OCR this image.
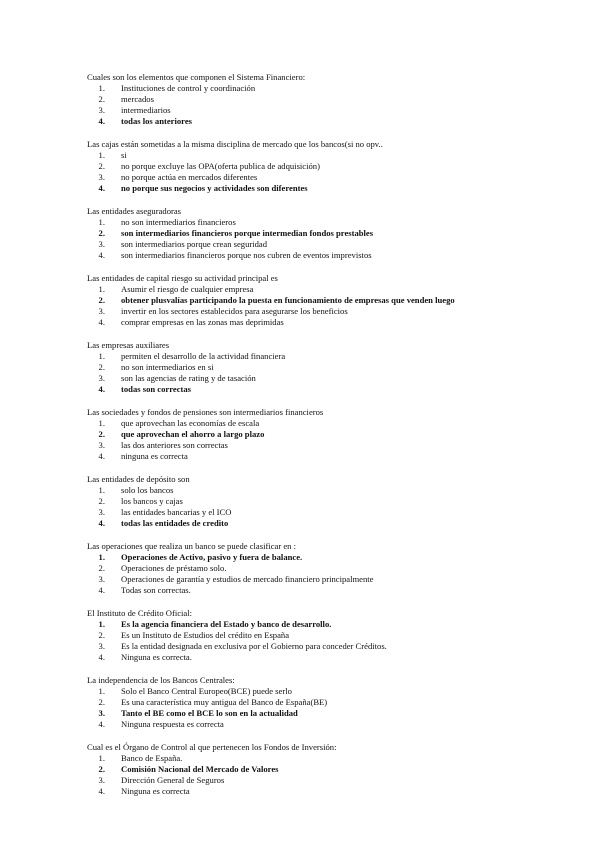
Cuales son los elementos que componen el Sistema Financiero:

1.	Instituciones de control y coordinación
2.	mercados
3.	intermediarios
4.	todas los anteriores

Las cajas están sometidas a la misma disciplina de mercado que los bancos(si no opv..

1.	si
2.	no porque excluye las OPA(oferta publica de adquisición)
3.	no porque actúa en mercados diferentes
4.	no porque sus negocios y actividades son diferentes

Las entidades aseguradoras

1.	no son intermediarios financieros
2.	son intermediarios financieros porque intermedian fondos prestables
3.	son intermediarios porque crean seguridad
4.	son intermediarios financieros porque nos cubren de eventos imprevistos

Las entidades de capital riesgo su actividad principal es

1.	Asumir el riesgo de cualquier empresa
2.	obtener plusvalías participando la puesta en funcionamiento de empresas que venden luego
3.	invertir en los sectores establecidos para asegurarse los beneficios
4.	comprar empresas en las zonas mas deprimidas

Las empresas auxiliares

1.	permiten el desarrollo de la actividad financiera
2.	no son intermediarios en si
3.	son las agencias de rating y de tasación
4.	todas son correctas

Las sociedades y fondos de pensiones son intermediarios financieros

1.	que aprovechan las economías de escala
2.	que aprovechan el ahorro a largo plazo
3.	las dos anteriores son correctas
4.	ninguna es correcta

Las entidades de depósito son

1.	solo los bancos
2.	los bancos y cajas
3.	las entidades bancarias y el ICO
4.	todas las entidades de credito

Las operaciones que realiza un banco se puede clasificar en :

1.	Operaciones de Activo, pasivo y fuera de balance.
2.	Operaciones de préstamo solo.
3.	Operaciones de garantía y estudios de mercado financiero principalmente
4.	Todas son correctas.

El Instituto de Crédito Oficial:

1.	Es la agencia financiera del Estado y banco de desarrollo.
2.	Es un Instituto de Estudios del crédito en España
3.	Es la entidad designada en exclusiva por el Gobierno para conceder Créditos.
4.	Ninguna es correcta.

La independencia de los Bancos Centrales:

1.	Solo el Banco Central Europeo(BCE) puede serlo
2.	Es una característica muy antigua del Banco de España(BE)
3.	Tanto el BE como el BCE lo son en la actualidad
4.	Ninguna respuesta es correcta

Cual es el Órgano de Control al que pertenecen los Fondos de Inversión:

1.	Banco de España.
2.	Comisión Nacional del Mercado de Valores
3.	Dirección General de Seguros
4.	Ninguna es correcta
